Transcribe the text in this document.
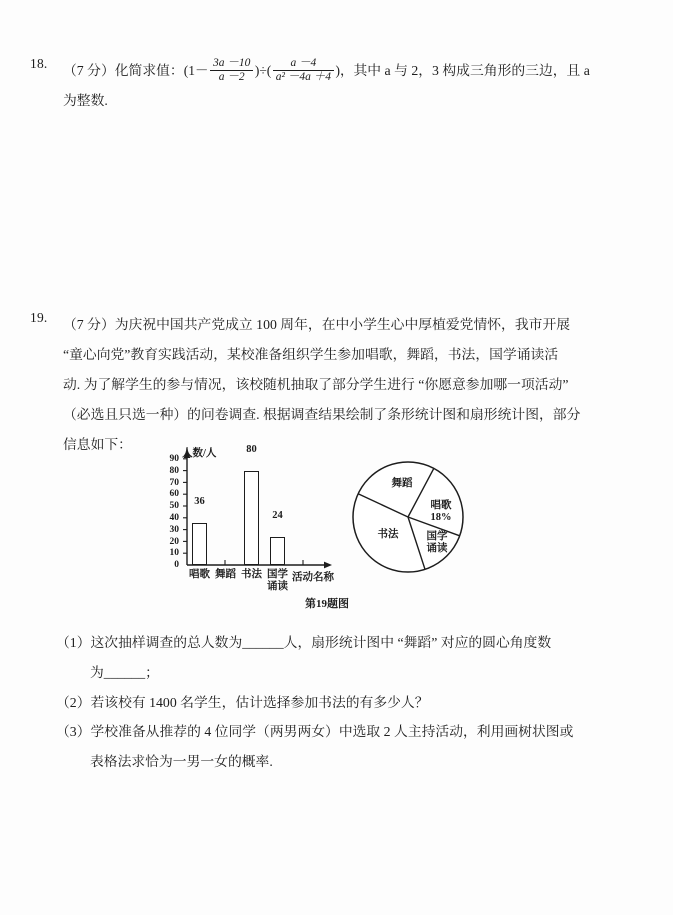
18.	（7 分）化简求值：($1- \frac{3a -10}{a -2}$ )÷( $\frac{a -4}{\text{a² －4a ＋4}}$ )，其中 a 与 2，3 构成三角形的三边，且 a
为整数.
19.	（7 分）为庆祝中国共产党成立 100 周年，在中小学生心中厚植爱党情怀，我市开展
“童心向党”教育实践活动，某校准备组织学生参加唱歌，舞蹈，书法，国学诵读活
动. 为了解学生的参与情况，该校随机抽取了部分学生进行 “你愿意参加哪一项活动”
（必选且只选一种）的问卷调查. 根据调查结果绘制了条形统计图和扇形统计图，部分
信息如下：
人数/人
0
10
20
30
40
50
60
70
80
90
36
80
24
唱歌 舞蹈 书法 国学
诵读
活动名称
舞蹈
唱歌
18%
国学
诵读
书法
第19题图
（1）这次抽样调查的总人数为______人，扇形统计图中 “舞蹈” 对应的圆心角度数
为______；
（2）若该校有 1400 名学生，估计选择参加书法的有多少人？
（3）学校准备从推荐的 4 位同学（两男两女）中选取 2 人主持活动，利用画树状图或
表格法求恰为一男一女的概率.
